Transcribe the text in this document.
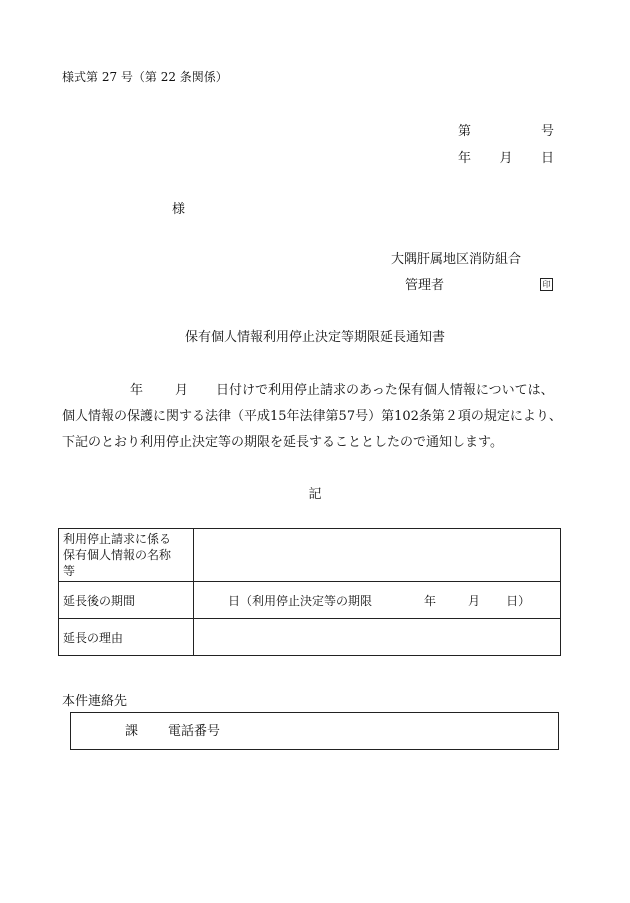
様式第 27 号（第 22 条関係）
第	号
年 月 日
様
大隅肝属地区消防組合
管理者	印
保有個人情報利用停止決定等期限延長通知書
年 月 日付けで利用停止請求のあった保有個人情報については、
個人情報の保護に関する法律（平成15年法律第57号）第102条第２項の規定により、
下記のとおり利用停止決定等の期限を延長することとしたので通知します。
記
利用停止請求に係る
保有個人情報の名称
等	

延長後の期間	日 （利用停止決定等の期限 年 月 日）

延長の理由	
本件連絡先
課 電話番号
